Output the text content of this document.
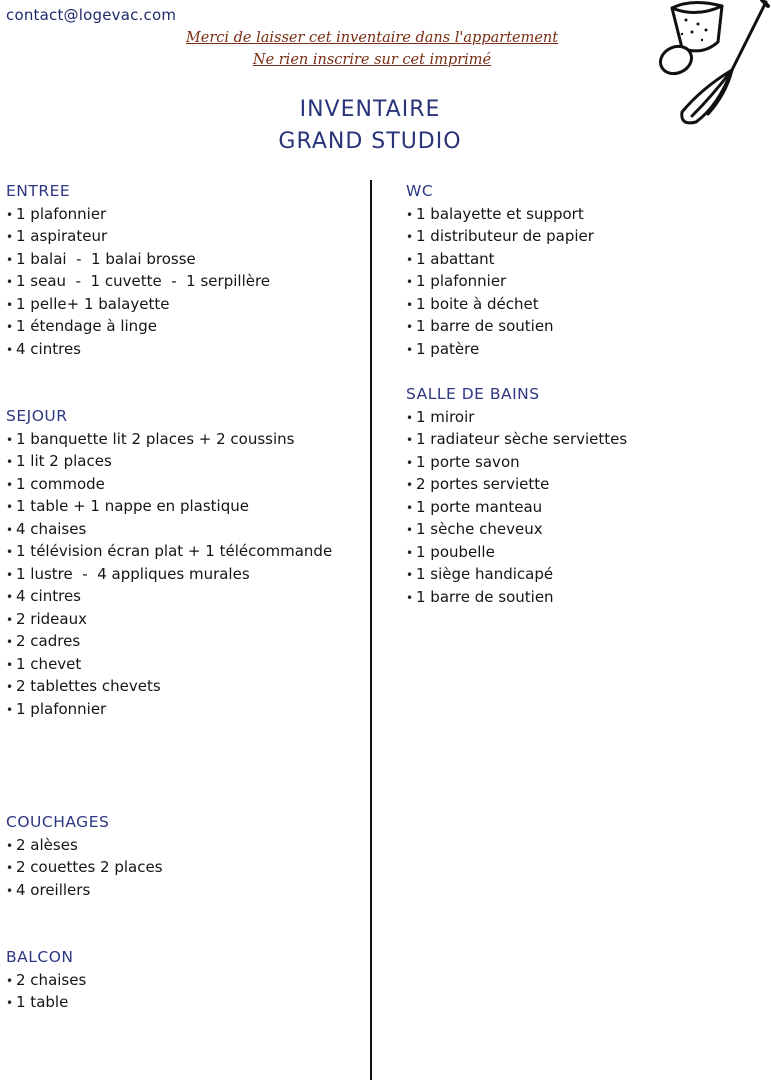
contact@logevac.com
Merci de laisser cet inventaire dans l'appartement
Ne rien inscrire sur cet imprimé
INVENTAIRE
GRAND STUDIO
ENTREE
• 1 plafonnier
• 1 aspirateur
• 1 balai  -  1 balai brosse
• 1 seau  -  1 cuvette  -  1 serpillère
• 1 pelle+ 1 balayette
• 1 étendage à linge
• 4 cintres
SEJOUR
• 1 banquette lit 2 places + 2 coussins
• 1 lit 2 places
• 1 commode
• 1 table + 1 nappe en plastique
• 4 chaises
• 1 télévision écran plat + 1 télécommande
• 1 lustre  -  4 appliques murales
• 4 cintres
• 2 rideaux
• 2 cadres
• 1 chevet
• 2 tablettes chevets
• 1 plafonnier
COUCHAGES
• 2 alèses
• 2 couettes 2 places
• 4 oreillers
BALCON
• 2 chaises
• 1 table
WC
• 1 balayette et support
• 1 distributeur de papier
• 1 abattant
• 1 plafonnier
• 1 boite à déchet
• 1 barre de soutien
• 1 patère
SALLE DE BAINS
• 1 miroir
• 1 radiateur sèche serviettes
• 1 porte savon
• 2 portes serviette
• 1 porte manteau
• 1 sèche cheveux
• 1 poubelle
• 1 siège handicapé
• 1 barre de soutien
